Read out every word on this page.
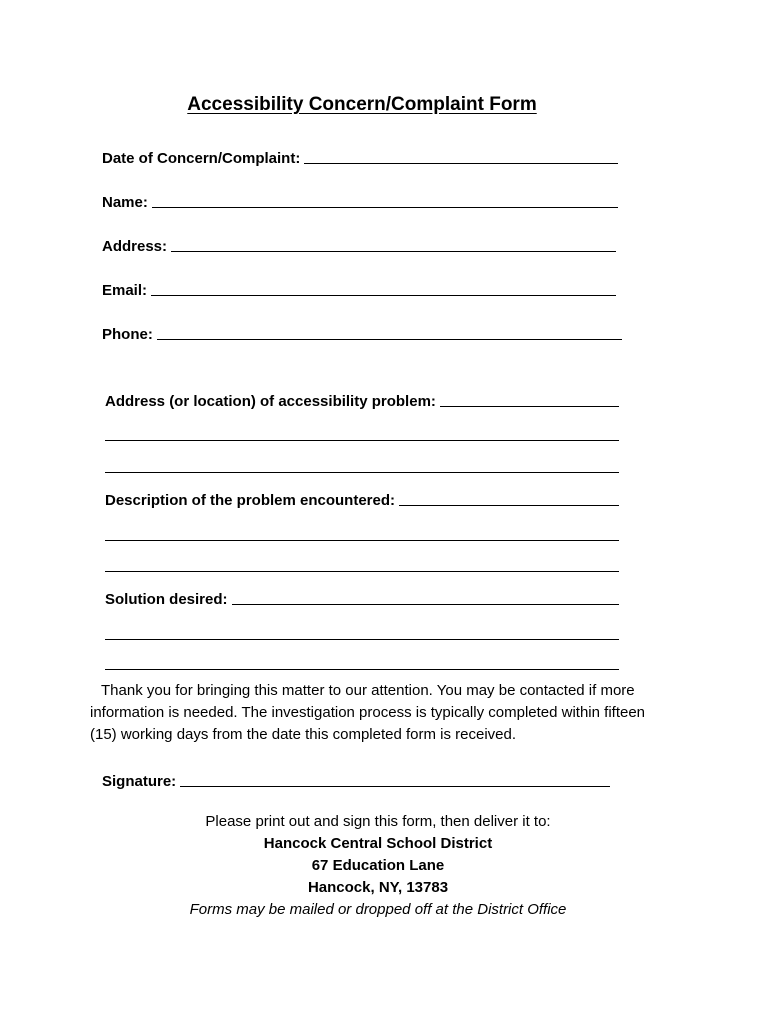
Accessibility Concern/Complaint Form
Date of Concern/Complaint:
Name:
Address:
Email:
Phone:
Address (or location) of accessibility problem:
Description of the problem encountered:
Solution desired:
Thank you for bringing this matter to our attention. You may be contacted if more information is needed. The investigation process is typically completed within fifteen (15) working days from the date this completed form is received.
Signature:
Please print out and sign this form, then deliver it to:
Hancock Central School District
67 Education Lane
Hancock, NY, 13783
Forms may be mailed or dropped off at the District Office
